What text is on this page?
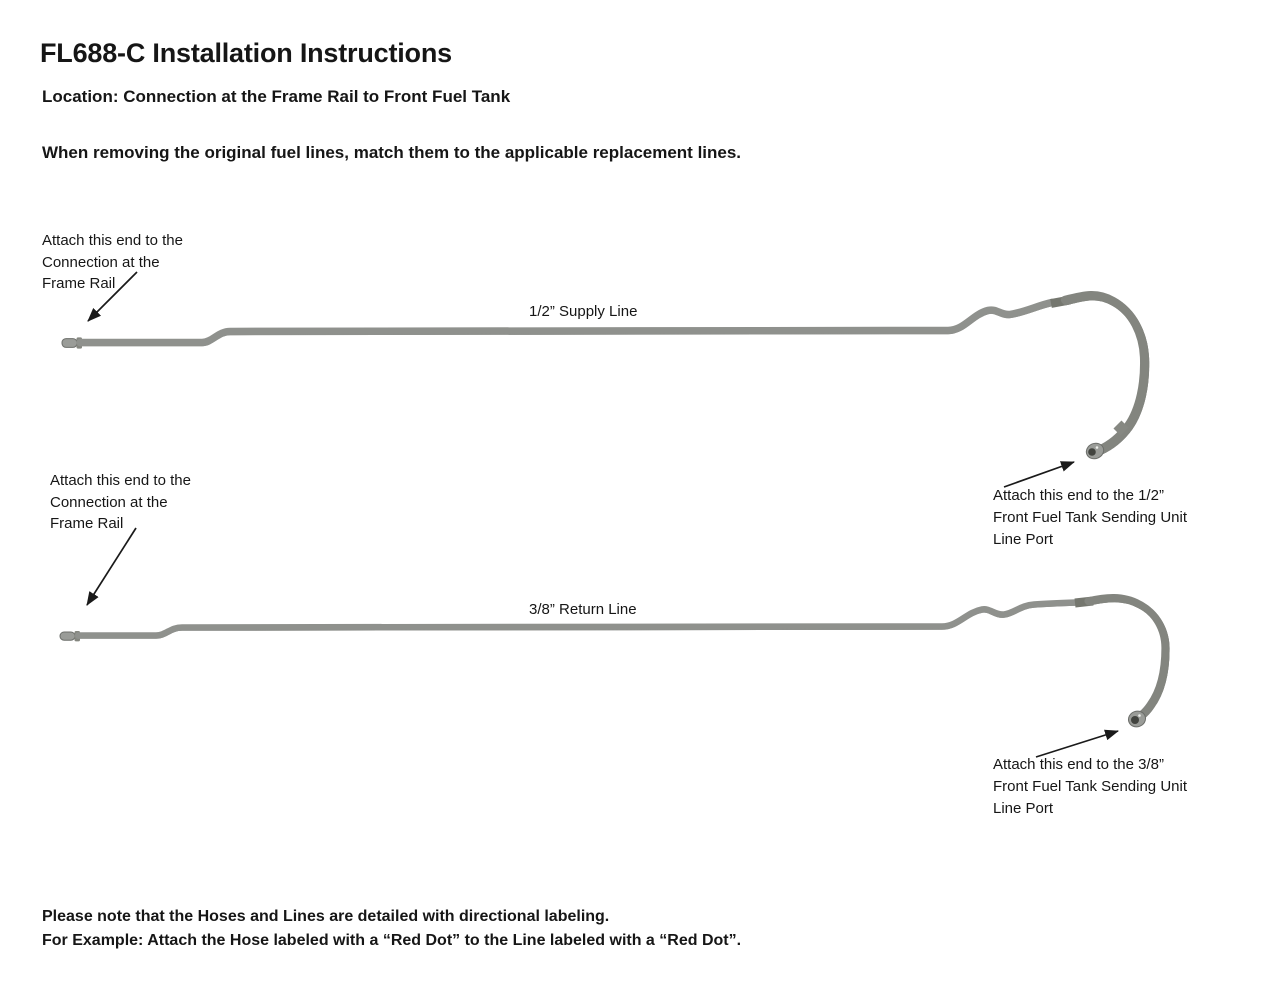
FL688-C Installation Instructions
Location: Connection at the Frame Rail to Front Fuel Tank
When removing the original fuel lines, match them to the applicable replacement lines.
1/2” Supply Line
3/8” Return Line
Attach this end to the
Connection at the
Frame Rail
Attach this end to the 1/2”
Front Fuel Tank Sending Unit
Line Port
Attach this end to the
Connection at the
Frame Rail
Attach this end to the 3/8”
Front Fuel Tank Sending Unit
Line Port
Please note that the Hoses and Lines are detailed with directional labeling.
For Example: Attach the Hose labeled with a “Red Dot” to the Line labeled with a “Red Dot”.
